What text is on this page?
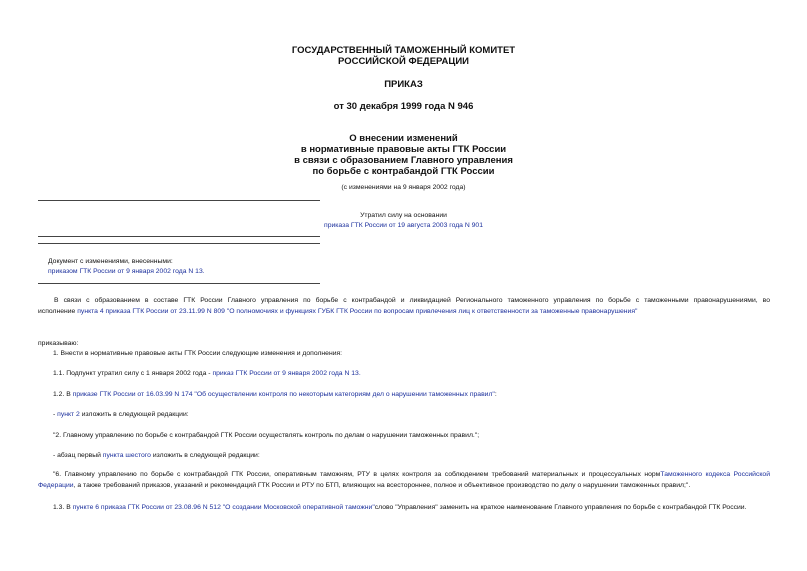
ГОСУДАРСТВЕННЫЙ ТАМОЖЕННЫЙ КОМИТЕТ
РОССИЙСКОЙ ФЕДЕРАЦИИ
ПРИКАЗ
от 30 декабря 1999 года N 946
О внесении изменений
в нормативные правовые акты ГТК России
в связи с образованием Главного управления
по борьбе с контрабандой ГТК России
(с изменениями на 9 января 2002 года)
Утратил силу на основании
приказа ГТК России от 19 августа 2003 года N 901
Документ с изменениями, внесенными:
приказом ГТК России от 9 января 2002 года N 13.
В связи с образованием в составе ГТК России Главного управления по борьбе с контрабандой и ликвидацией Регионального таможенного управления по борьбе с таможенными правонарушениями, во
исполнение пункта 4 приказа ГТК России от 23.11.99 N 809 "О полномочиях и функциях ГУБК ГТК России по вопросам привлечения лиц к ответственности за таможенные правонарушения"
приказываю:
1. Внести в нормативные правовые акты ГТК России следующие изменения и дополнения:
1.1. Подпункт утратил силу с 1 января 2002 года - приказ ГТК России от 9 января 2002 года N 13.
1.2. В приказе ГТК России от 16.03.99 N 174 "Об осуществлении контроля по некоторым категориям дел о нарушении таможенных правил":
- пункт 2 изложить в следующей редакции:
"2. Главному управлению по борьбе с контрабандой ГТК России осуществлять контроль по делам о нарушении таможенных правил.";
- абзац первый пункта шестого изложить в следующей редакции:
"6. Главному управлению по борьбе с контрабандой ГТК России, оперативным таможням, РТУ в целях контроля за соблюдением требований материальных и процессуальных нормТаможенного кодекса Российской Федерации, а также требований приказов, указаний и рекомендаций ГТК России и РТУ по БТП, влияющих на всестороннее, полное и объективное производство по делу о нарушении таможенных правил;".
1.3. В пункте 6 приказа ГТК России от 23.08.96 N 512 "О создании Московской оперативной таможни"слово "Управления" заменить на краткое наименование Главного управления по борьбе с контрабандой ГТК России.
